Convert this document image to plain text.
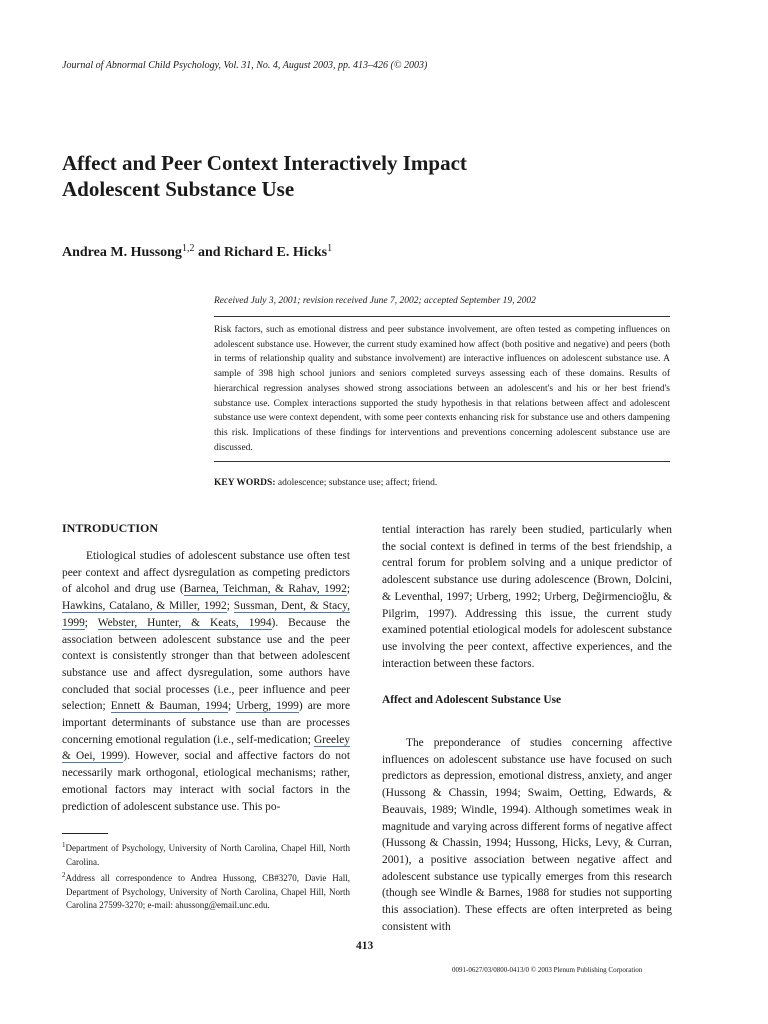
Journal of Abnormal Child Psychology, Vol. 31, No. 4, August 2003, pp. 413–426 (© 2003)
Affect and Peer Context Interactively Impact Adolescent Substance Use
Andrea M. Hussong$^{1,2}$ and Richard E. Hicks$^1$
Received July 3, 2001; revision received June 7, 2002; accepted September 19, 2002

Risk factors, such as emotional distress and peer substance involvement, are often tested as competing influences on adolescent substance use. However, the current study examined how affect (both positive and negative) and peers (both in terms of relationship quality and substance involvement) are interactive influences on adolescent substance use. A sample of 398 high school juniors and seniors completed surveys assessing each of these domains. Results of hierarchical regression analyses showed strong associations between an adolescent's and his or her best friend's substance use. Complex interactions supported the study hypothesis in that relations between affect and adolescent substance use were context dependent, with some peer contexts enhancing risk for substance use and others dampening this risk. Implications of these findings for interventions and preventions concerning adolescent substance use are discussed.

KEY WORDS: adolescence; substance use; affect; friend.
INTRODUCTION

Etiological studies of adolescent substance use often test peer context and affect dysregulation as competing predictors of alcohol and drug use (Barnea, Teichman, & Rahav, 1992; Hawkins, Catalano, & Miller, 1992; Sussman, Dent, & Stacy, 1999; Webster, Hunter, & Keats, 1994). Because the association between adolescent substance use and the peer context is consistently stronger than that between adolescent substance use and affect dysregulation, some authors have concluded that social processes (i.e., peer influence and peer selection; Ennett & Bauman, 1994; Urberg, 1999) are more important determinants of substance use than are processes concerning emotional regulation (i.e., self-medication; Greeley & Oei, 1999). However, social and affective factors do not necessarily mark orthogonal, etiological mechanisms; rather, emotional factors may interact with social factors in the prediction of adolescent substance use. This po-

tential interaction has rarely been studied, particularly when the social context is defined in terms of the best friendship, a central forum for problem solving and a unique predictor of adolescent substance use during adolescence (Brown, Dolcini, & Leventhal, 1997; Urberg, 1992; Urberg, Değirmencioğlu, & Pilgrim, 1997). Addressing this issue, the current study examined potential etiological models for adolescent substance use involving the peer context, affective experiences, and the interaction between these factors.

Affect and Adolescent Substance Use

The preponderance of studies concerning affective influences on adolescent substance use have focused on such predictors as depression, emotional distress, anxiety, and anger (Hussong & Chassin, 1994; Swaim, Oetting, Edwards, & Beauvais, 1989; Windle, 1994). Although sometimes weak in magnitude and varying across different forms of negative affect (Hussong & Chassin, 1994; Hussong, Hicks, Levy, & Curran, 2001), a positive association between negative affect and adolescent substance use typically emerges from this research (though see Windle & Barnes, 1988 for studies not supporting this association). These effects are often interpreted as being consistent with

$^1$Department of Psychology, University of North Carolina, Chapel Hill, North Carolina.

$^2$Address all correspondence to Andrea Hussong, CB#3270, Davie Hall, Department of Psychology, University of North Carolina, Chapel Hill, North Carolina 27599-3270; e-mail: ahussong@email.unc.edu.

413
0091-0627/03/0800-0413/0 © 2003 Plenum Publishing Corporation
